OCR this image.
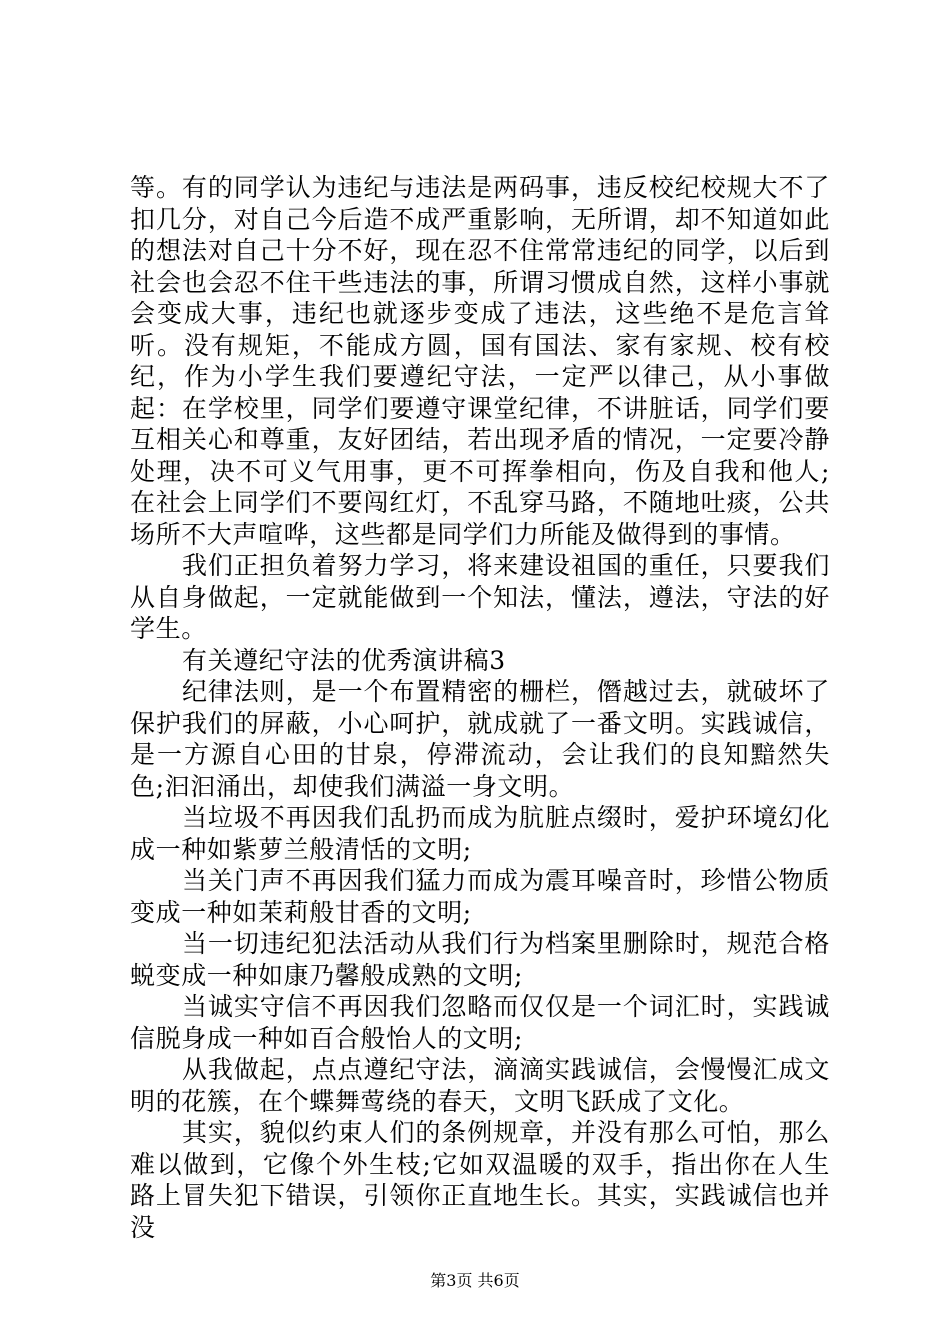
等。有的同学认为违纪与违法是两码事，违反校纪校规大不了扣几分，对自己今后造不成严重影响，无所谓，却不知道如此的想法对自己十分不好，现在忍不住常常违纪的同学，以后到社会也会忍不住干些违法的事，所谓习惯成自然，这样小事就会变成大事，违纪也就逐步变成了违法，这些绝不是危言耸听。没有规矩，不能成方圆，国有国法、家有家规、校有校纪，作为小学生我们要遵纪守法，一定严以律己，从小事做起：在学校里，同学们要遵守课堂纪律，不讲脏话，同学们要互相关心和尊重，友好团结，若出现矛盾的情况，一定要冷静处理，决不可义气用事，更不可挥拳相向，伤及自我和他人;在社会上同学们不要闯红灯，不乱穿马路，不随地吐痰，公共场所不大声喧哗，这些都是同学们力所能及做得到的事情。

我们正担负着努力学习，将来建设祖国的重任，只要我们从自身做起，一定就能做到一个知法，懂法，遵法，守法的好学生。

有关遵纪守法的优秀演讲稿3

纪律法则，是一个布置精密的栅栏，僭越过去，就破坏了保护我们的屏蔽，小心呵护，就成就了一番文明。实践诚信，是一方源自心田的甘泉，停滞流动，会让我们的良知黯然失色;汩汩涌出，却使我们满溢一身文明。

当垃圾不再因我们乱扔而成为肮脏点缀时，爱护环境幻化成一种如紫萝兰般清恬的文明;

当关门声不再因我们猛力而成为震耳噪音时，珍惜公物质变成一种如茉莉般甘香的文明;

当一切违纪犯法活动从我们行为档案里删除时，规范合格蜕变成一种如康乃馨般成熟的文明;

当诚实守信不再因我们忽略而仅仅是一个词汇时，实践诚信脱身成一种如百合般怡人的文明;

从我做起，点点遵纪守法，滴滴实践诚信，会慢慢汇成文明的花簇，在个蝶舞莺绕的春天，文明飞跃成了文化。

其实，貌似约束人们的条例规章，并没有那么可怕，那么难以做到，它像个外生枝;它如双温暖的双手，指出你在人生路上冒失犯下错误，引领你正直地生长。其实，实践诚信也并没

第3页 共6页
